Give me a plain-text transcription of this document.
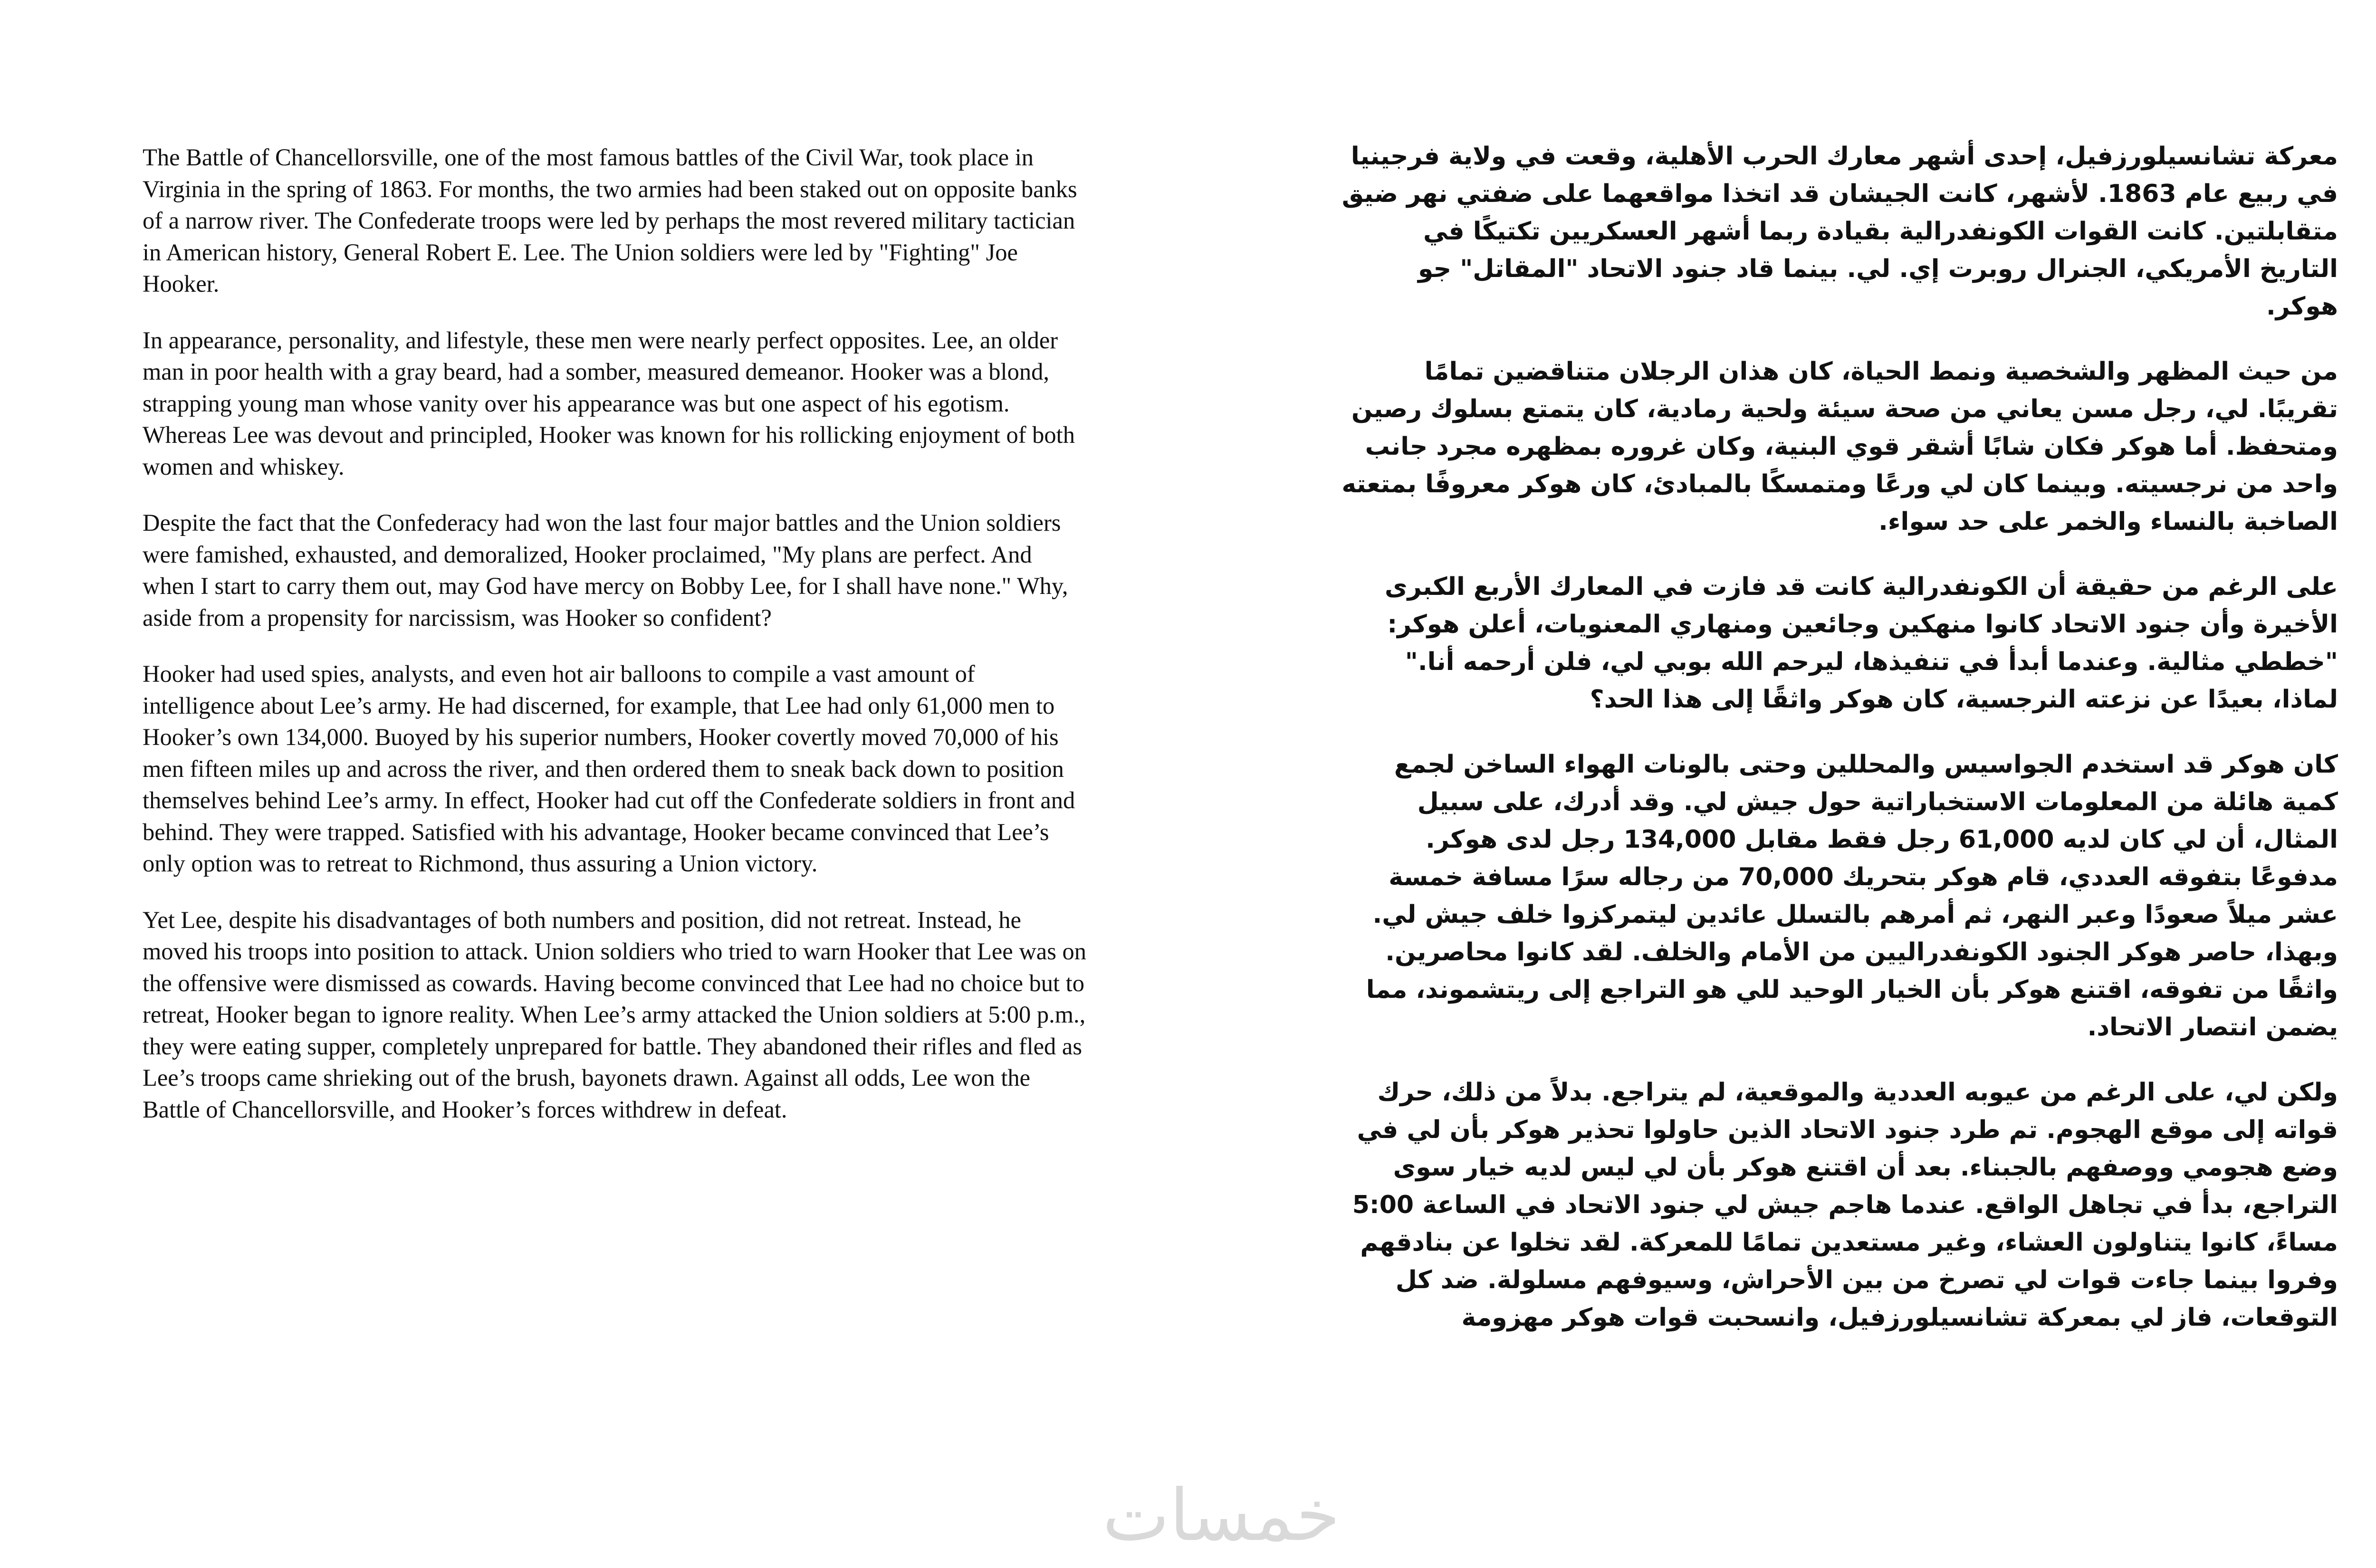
The Battle of Chancellorsville, one of the most famous battles of the Civil War, took place in Virginia in the spring of 1863. For months, the two armies had been staked out on opposite banks of a narrow river. The Confederate troops were led by perhaps the most revered military tactician in American history, General Robert E. Lee. The Union soldiers were led by "Fighting" Joe Hooker.

In appearance, personality, and lifestyle, these men were nearly perfect opposites. Lee, an older man in poor health with a gray beard, had a somber, measured demeanor. Hooker was a blond, strapping young man whose vanity over his appearance was but one aspect of his egotism. Whereas Lee was devout and principled, Hooker was known for his rollicking enjoyment of both women and whiskey.

Despite the fact that the Confederacy had won the last four major battles and the Union soldiers were famished, exhausted, and demoralized, Hooker proclaimed, "My plans are perfect. And when I start to carry them out, may God have mercy on Bobby Lee, for I shall have none." Why, aside from a propensity for narcissism, was Hooker so confident?

Hooker had used spies, analysts, and even hot air balloons to compile a vast amount of intelligence about Lee’s army. He had discerned, for example, that Lee had only 61,000 men to Hooker’s own 134,000. Buoyed by his superior numbers, Hooker covertly moved 70,000 of his men fifteen miles up and across the river, and then ordered them to sneak back down to position themselves behind Lee’s army. In effect, Hooker had cut off the Confederate soldiers in front and behind. They were trapped. Satisfied with his advantage, Hooker became convinced that Lee’s only option was to retreat to Richmond, thus assuring a Union victory.

Yet Lee, despite his disadvantages of both numbers and position, did not retreat. Instead, he moved his troops into position to attack. Union soldiers who tried to warn Hooker that Lee was on the offensive were dismissed as cowards. Having become convinced that Lee had no choice but to retreat, Hooker began to ignore reality. When Lee’s army attacked the Union soldiers at 5:00 p.m., they were eating supper, completely unprepared for battle. They abandoned their rifles and fled as Lee’s troops came shrieking out of the brush, bayonets drawn. Against all odds, Lee won the Battle of Chancellorsville, and Hooker’s forces withdrew in defeat.

معركة تشانسيلورزفيل، إحدى أشهر معارك الحرب الأهلية، وقعت في ولاية فرجينيا في ربيع عام 1863. لأشهر، كانت الجيشان قد اتخذا مواقعهما على ضفتي نهر ضيق متقابلتين. كانت القوات الكونفدرالية بقيادة ربما أشهر العسكريين تكتيكًا في التاريخ الأمريكي، الجنرال روبرت إي. لي. بينما قاد جنود الاتحاد "المقاتل" جو هوكر.

من حيث المظهر والشخصية ونمط الحياة، كان هذان الرجلان متناقضين تمامًا تقريبًا. لي، رجل مسن يعاني من صحة سيئة ولحية رمادية، كان يتمتع بسلوك رصين ومتحفظ. أما هوكر فكان شابًا أشقر قوي البنية، وكان غروره بمظهره مجرد جانب واحد من نرجسيته. وبينما كان لي ورعًا ومتمسكًا بالمبادئ، كان هوكر معروفًا بمتعته الصاخبة بالنساء والخمر على حد سواء.

على الرغم من حقيقة أن الكونفدرالية كانت قد فازت في المعارك الأربع الكبرى الأخيرة وأن جنود الاتحاد كانوا منهكين وجائعين ومنهاري المعنويات، أعلن هوكر: "خططي مثالية. وعندما أبدأ في تنفيذها، ليرحم الله بوبي لي، فلن أرحمه أنا." لماذا، بعيدًا عن نزعته النرجسية، كان هوكر واثقًا إلى هذا الحد؟

كان هوكر قد استخدم الجواسيس والمحللين وحتى بالونات الهواء الساخن لجمع كمية هائلة من المعلومات الاستخباراتية حول جيش لي. وقد أدرك، على سبيل المثال، أن لي كان لديه 61,000 رجل فقط مقابل 134,000 رجل لدى هوكر. مدفوعًا بتفوقه العددي، قام هوكر بتحريك 70,000 من رجاله سرًا مسافة خمسة عشر ميلاً صعودًا وعبر النهر، ثم أمرهم بالتسلل عائدين ليتمركزوا خلف جيش لي. وبهذا، حاصر هوكر الجنود الكونفدراليين من الأمام والخلف. لقد كانوا محاصرين. واثقًا من تفوقه، اقتنع هوكر بأن الخيار الوحيد للي هو التراجع إلى ريتشموند، مما يضمن انتصار الاتحاد.

ولكن لي، على الرغم من عيوبه العددية والموقعية، لم يتراجع. بدلاً من ذلك، حرك قواته إلى موقع الهجوم. تم طرد جنود الاتحاد الذين حاولوا تحذير هوكر بأن لي في وضع هجومي ووصفهم بالجبناء. بعد أن اقتنع هوكر بأن لي ليس لديه خيار سوى التراجع، بدأ في تجاهل الواقع. عندما هاجم جيش لي جنود الاتحاد في الساعة 5:00 مساءً، كانوا يتناولون العشاء، وغير مستعدين تمامًا للمعركة. لقد تخلوا عن بنادقهم وفروا بينما جاءت قوات لي تصرخ من بين الأحراش، وسيوفهم مسلولة. ضد كل التوقعات، فاز لي بمعركة تشانسيلورزفيل، وانسحبت قوات هوكر مهزومة

خمسات
